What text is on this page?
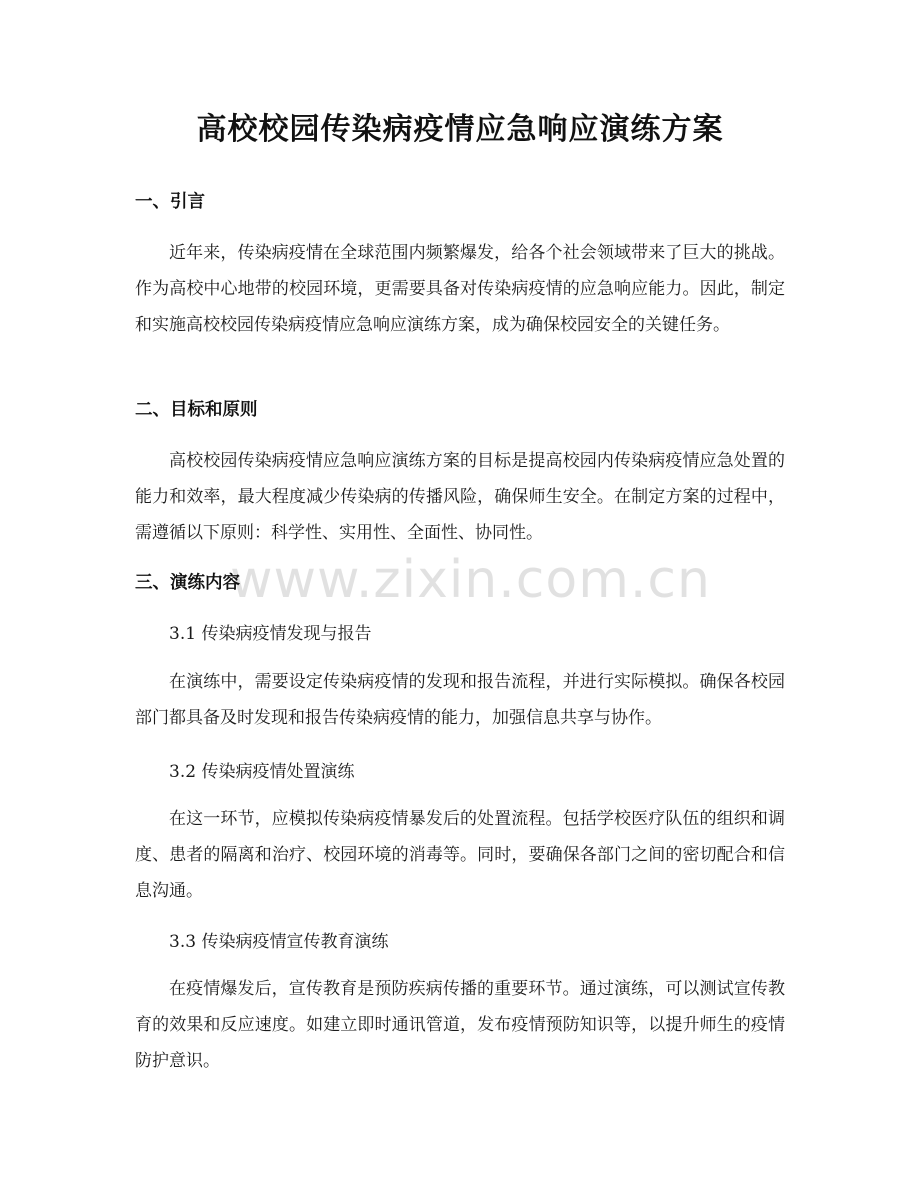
高校校园传染病疫情应急响应演练方案
一、引言

近年来，传染病疫情在全球范围内频繁爆发，给各个社会领域带来了巨大的挑战。作为高校中心地带的校园环境，更需要具备对传染病疫情的应急响应能力。因此，制定和实施高校校园传染病疫情应急响应演练方案，成为确保校园安全的关键任务。

二、目标和原则

高校校园传染病疫情应急响应演练方案的目标是提高校园内传染病疫情应急处置的能力和效率，最大程度减少传染病的传播风险，确保师生安全。在制定方案的过程中，需遵循以下原则：科学性、实用性、全面性、协同性。

www.zixin.com.cn
三、演练内容
3.1 传染病疫情发现与报告

在演练中，需要设定传染病疫情的发现和报告流程，并进行实际模拟。确保各校园部门都具备及时发现和报告传染病疫情的能力，加强信息共享与协作。

3.2 传染病疫情处置演练

在这一环节，应模拟传染病疫情暴发后的处置流程。包括学校医疗队伍的组织和调度、患者的隔离和治疗、校园环境的消毒等。同时，要确保各部门之间的密切配合和信息沟通。

3.3 传染病疫情宣传教育演练

在疫情爆发后，宣传教育是预防疾病传播的重要环节。通过演练，可以测试宣传教育的效果和反应速度。如建立即时通讯管道，发布疫情预防知识等，以提升师生的疫情防护意识。
